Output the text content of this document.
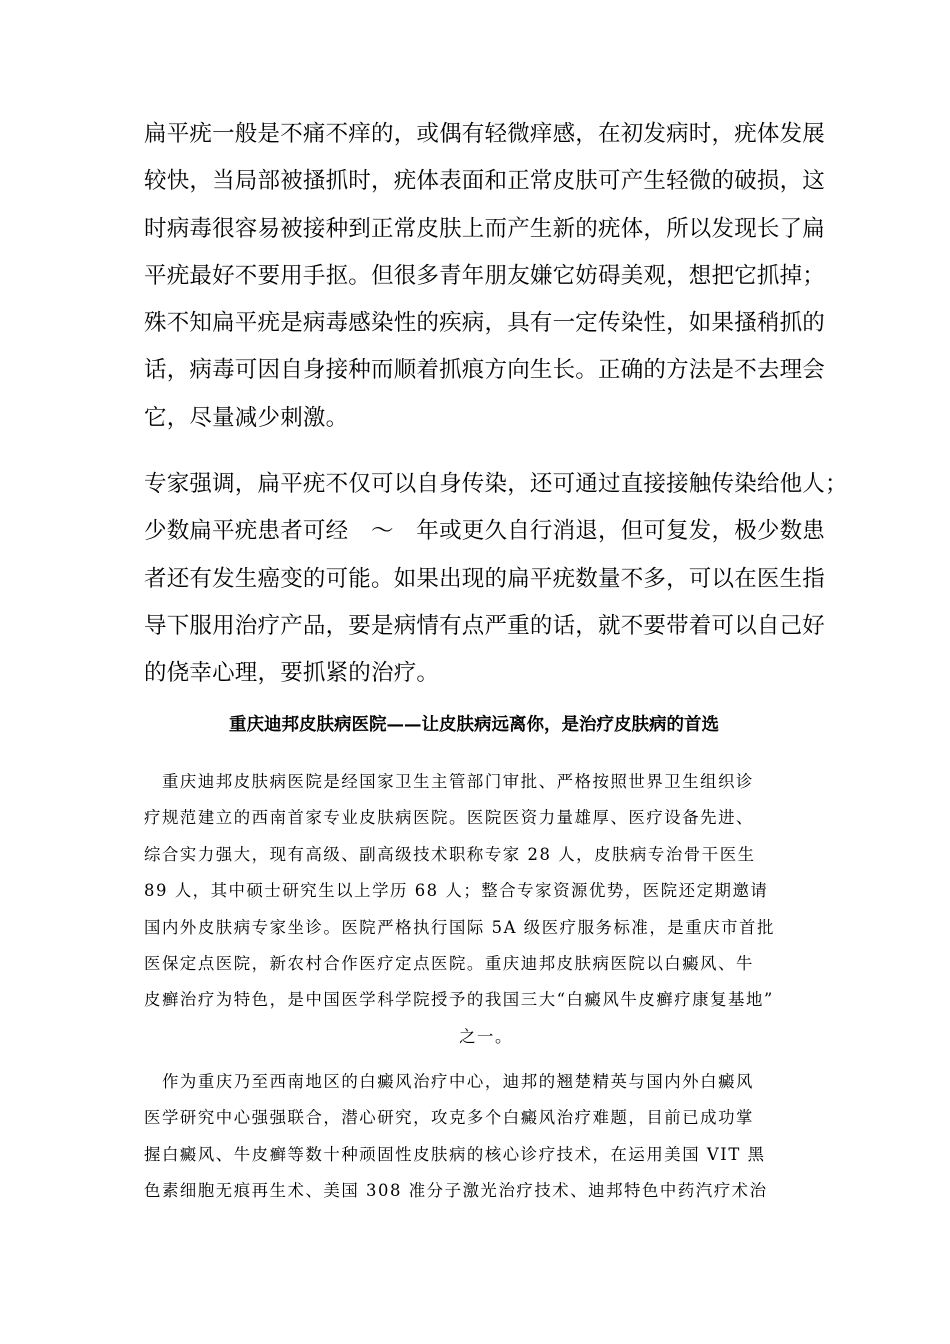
扁平疣一般是不痛不痒的，或偶有轻微痒感，在初发病时，疣体发展
较快，当局部被搔抓时，疣体表面和正常皮肤可产生轻微的破损，这
时病毒很容易被接种到正常皮肤上而产生新的疣体，所以发现长了扁
平疣最好不要用手抠。但很多青年朋友嫌它妨碍美观，想把它抓掉；
殊不知扁平疣是病毒感染性的疾病，具有一定传染性，如果搔稍抓的
话，病毒可因自身接种而顺着抓痕方向生长。正确的方法是不去理会
它，尽量减少刺激。
专家强调，扁平疣不仅可以自身传染，还可通过直接接触传染给他人；
少数扁平疣患者可经　～　年或更久自行消退，但可复发，极少数患
者还有发生癌变的可能。如果出现的扁平疣数量不多，可以在医生指
导下服用治疗产品，要是病情有点严重的话，就不要带着可以自己好
的侥幸心理，要抓紧的治疗。
重庆迪邦皮肤病医院——让皮肤病远离你，是治疗皮肤病的首选
　重庆迪邦皮肤病医院是经国家卫生主管部门审批、严格按照世界卫生组织诊
疗规范建立的西南首家专业皮肤病医院。医院医资力量雄厚、医疗设备先进、
综合实力强大，现有高级、副高级技术职称专家 28 人，皮肤病专治骨干医生
89 人，其中硕士研究生以上学历 68 人；整合专家资源优势，医院还定期邀请
国内外皮肤病专家坐诊。医院严格执行国际 5A 级医疗服务标准，是重庆市首批
医保定点医院，新农村合作医疗定点医院。重庆迪邦皮肤病医院以白癜风、牛
皮癣治疗为特色，是中国医学科学院授予的我国三大“白癜风牛皮癣疗康复基地”
之一。
　作为重庆乃至西南地区的白癜风治疗中心，迪邦的翘楚精英与国内外白癜风
医学研究中心强强联合，潜心研究，攻克多个白癜风治疗难题，目前已成功掌
握白癜风、牛皮癣等数十种顽固性皮肤病的核心诊疗技术，在运用美国 VIT 黑
色素细胞无痕再生术、美国 308 准分子激光治疗技术、迪邦特色中药汽疗术治
